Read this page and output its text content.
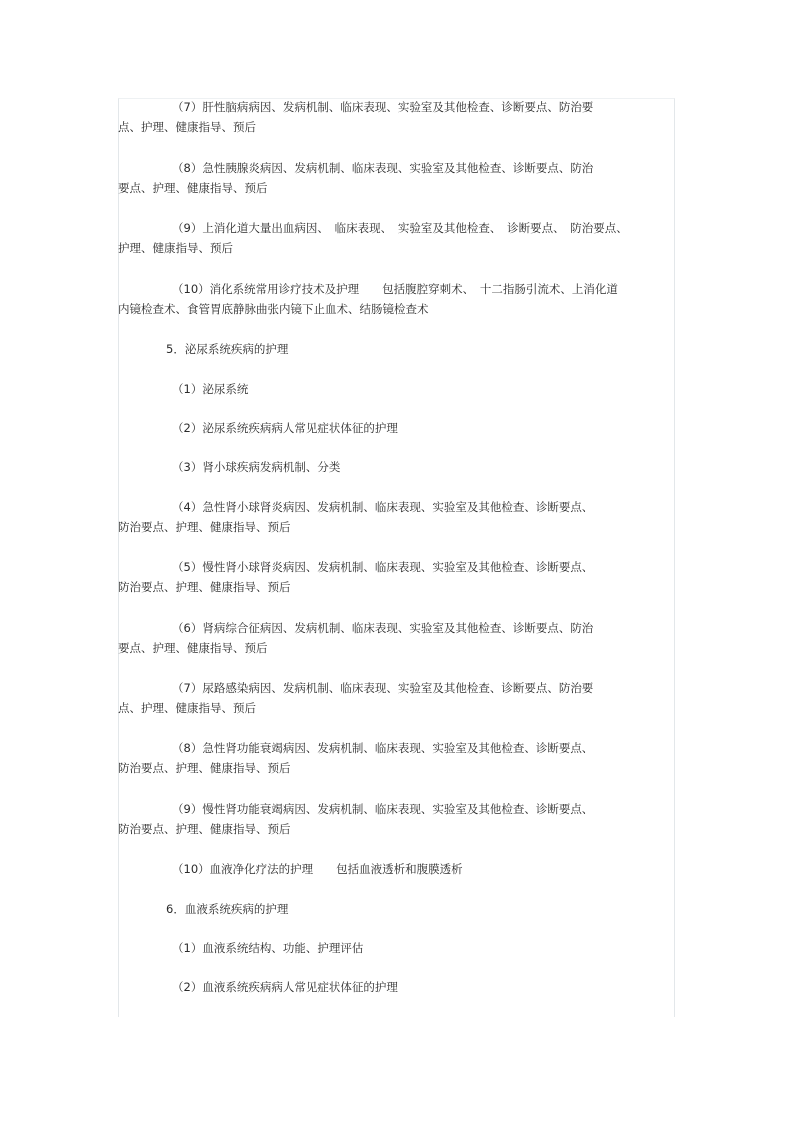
（7）肝性脑病病因、发病机制、临床表现、实验室及其他检查、诊断要点、防治要
点、护理、健康指导、预后
（8）急性胰腺炎病因、发病机制、临床表现、实验室及其他检查、诊断要点、防治
要点、护理、健康指导、预后
（9）上消化道大量出血病因、　临床表现、　实验室及其他检查、　诊断要点、　防治要点、
护理、健康指导、预后
（10）消化系统常用诊疗技术及护理　　包括腹腔穿刺术、　十二指肠引流术、上消化道
内镜检查术、食管胃底静脉曲张内镜下止血术、结肠镜检查术
5．泌尿系统疾病的护理
（1）泌尿系统
（2）泌尿系统疾病病人常见症状体征的护理
（3）肾小球疾病发病机制、分类
（4）急性肾小球肾炎病因、发病机制、临床表现、实验室及其他检查、诊断要点、
防治要点、护理、健康指导、预后
（5）慢性肾小球肾炎病因、发病机制、临床表现、实验室及其他检查、诊断要点、
防治要点、护理、健康指导、预后
（6）肾病综合征病因、发病机制、临床表现、实验室及其他检查、诊断要点、防治
要点、护理、健康指导、预后
（7）尿路感染病因、发病机制、临床表现、实验室及其他检查、诊断要点、防治要
点、护理、健康指导、预后
（8）急性肾功能衰竭病因、发病机制、临床表现、实验室及其他检查、诊断要点、
防治要点、护理、健康指导、预后
（9）慢性肾功能衰竭病因、发病机制、临床表现、实验室及其他检查、诊断要点、
防治要点、护理、健康指导、预后
（10）血液净化疗法的护理　　包括血液透析和腹膜透析
6．血液系统疾病的护理
（1）血液系统结构、功能、护理评估
（2）血液系统疾病病人常见症状体征的护理
